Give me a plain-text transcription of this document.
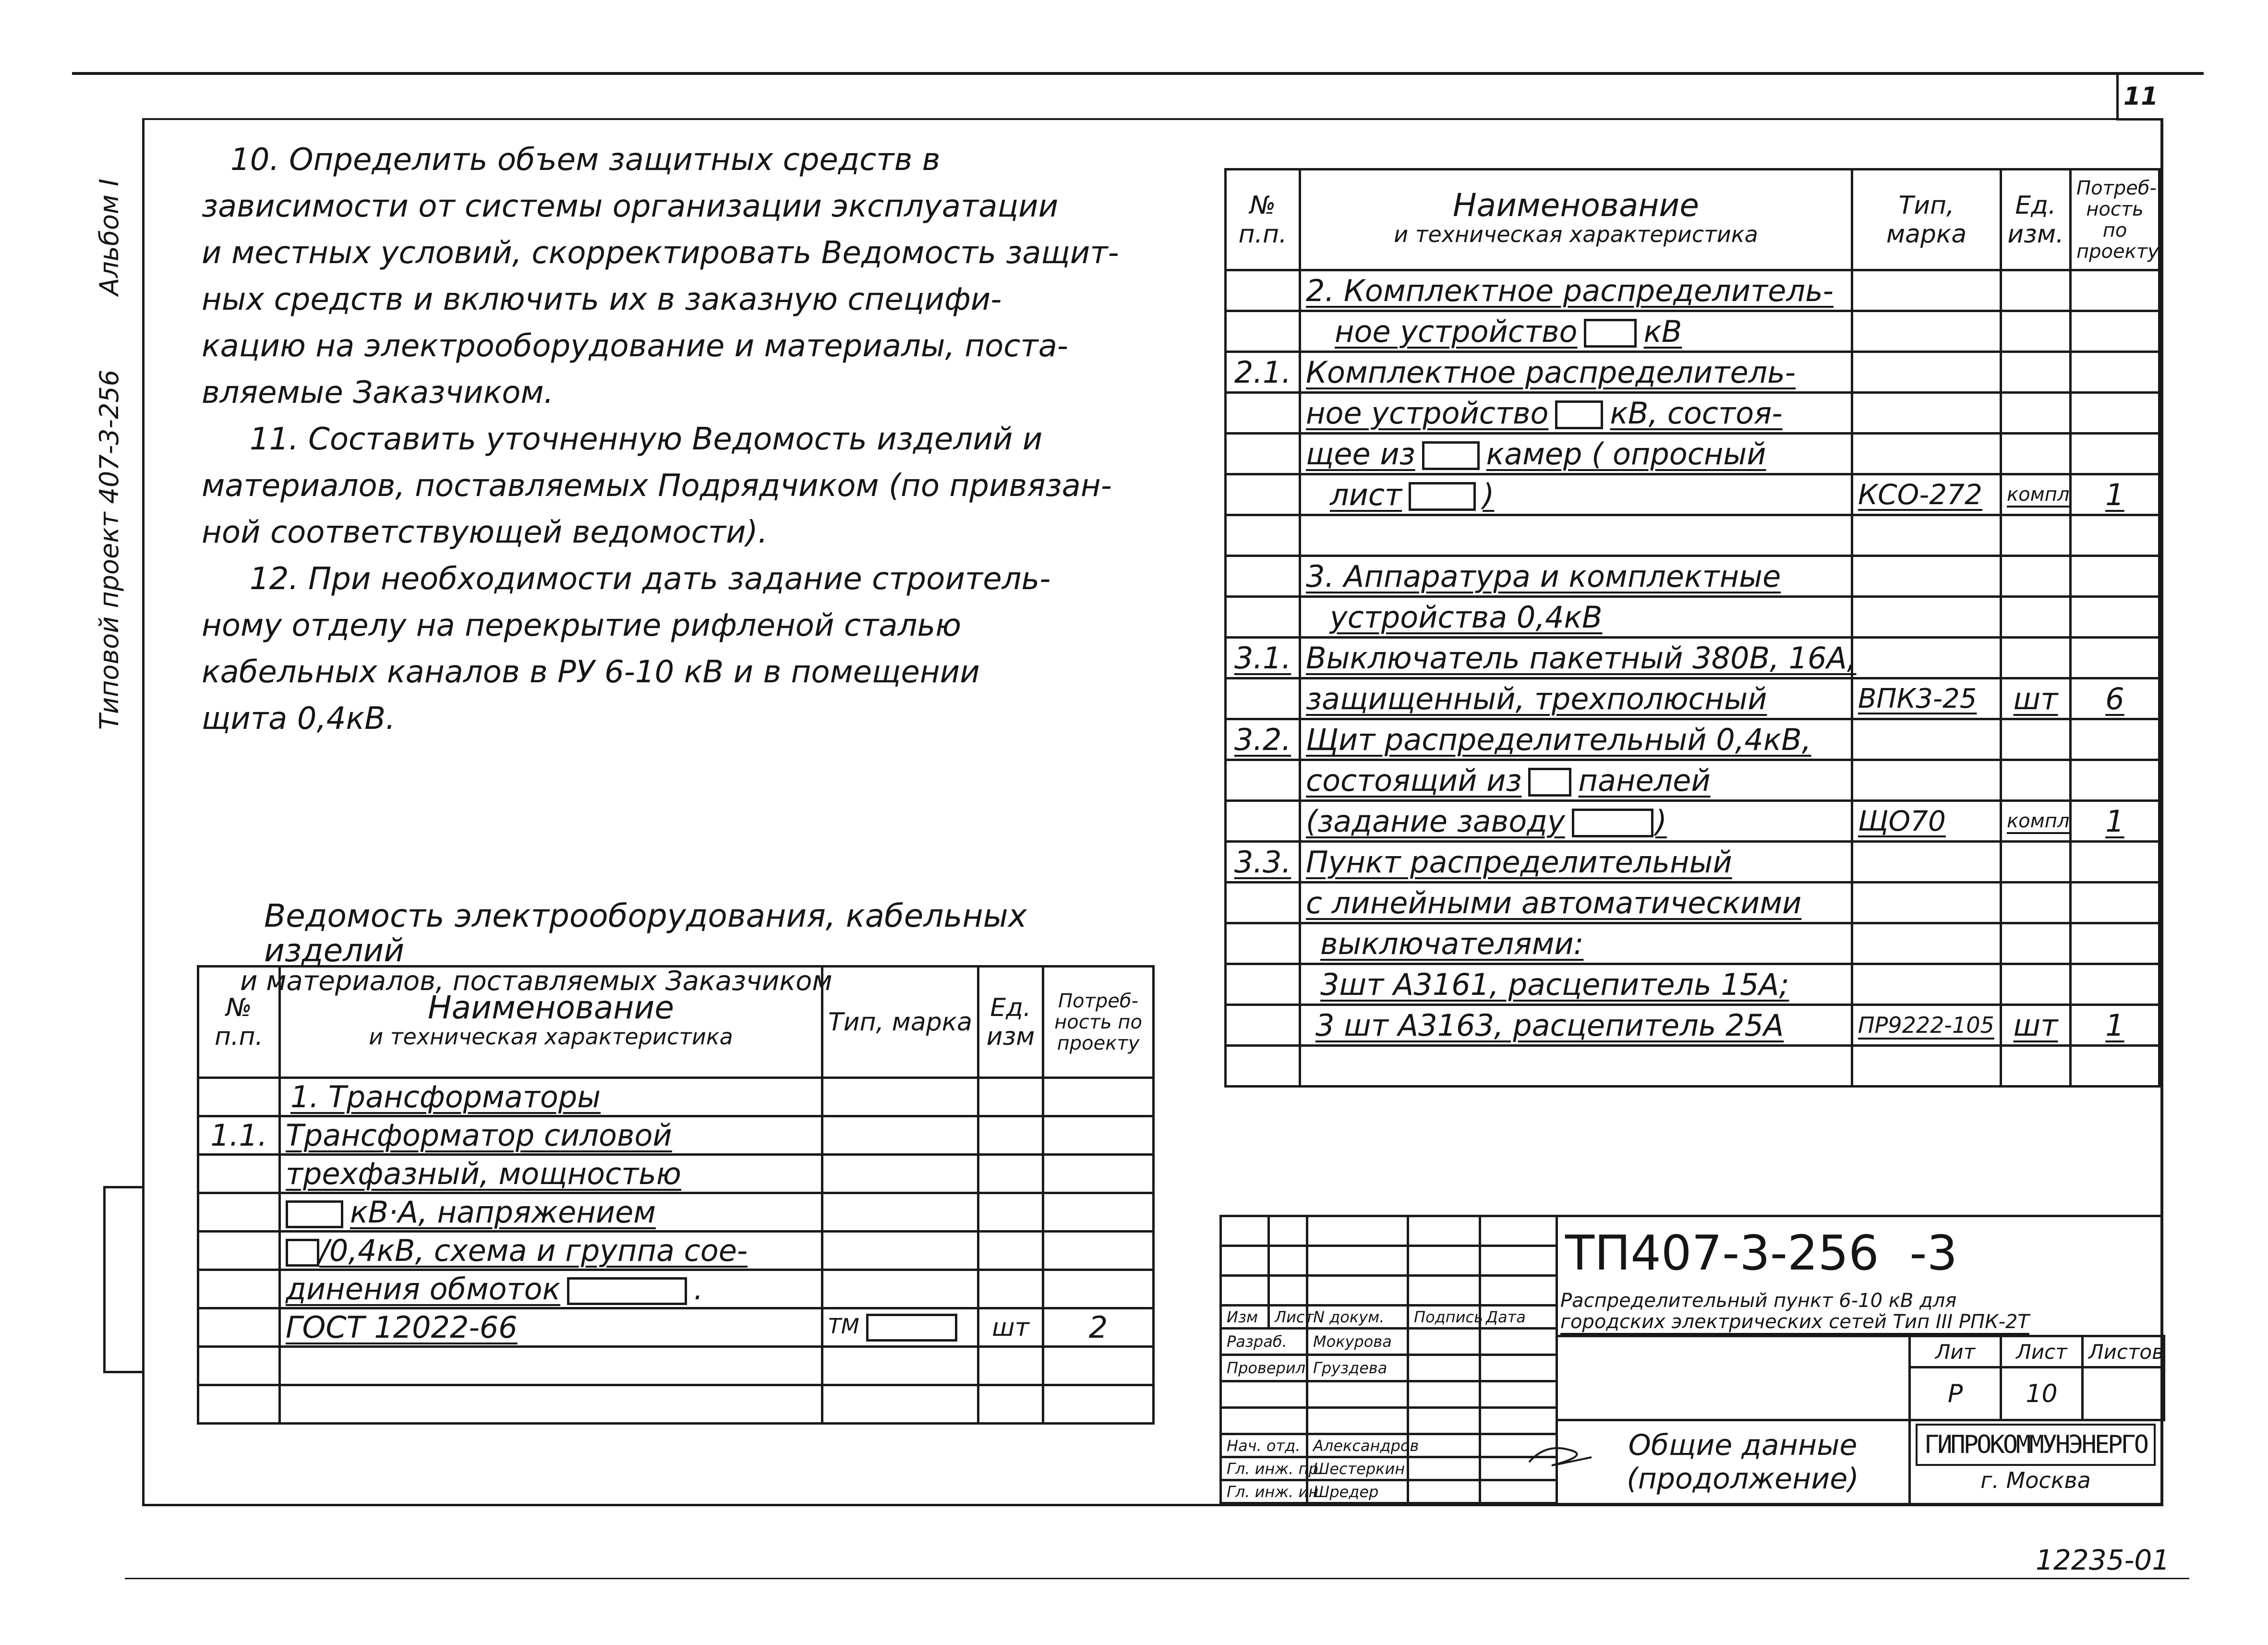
11
Типовой проект 407-3-256  Альбом I
10. Определить объем защитных средств в
зависимости от системы организации эксплуатации
и местных условий, скорректировать Ведомость защит-
ных средств и включить их в заказную специфи-
кацию на электрооборудование и материалы, поста-
вляемые Заказчиком.
11. Составить уточненную Ведомость изделий и
материалов, поставляемых Подрядчиком (по привязан-
ной соответствующей ведомости).
12. При необходимости дать задание строитель-
ному отделу на перекрытие рифленой сталью
кабельных каналов в РУ 6-10 кВ и в помещении
щита 0,4кВ.
Ведомость электрооборудования, кабельных изделий
и материалов, поставляемых Заказчиком
№ п.п.	Наименование
и техническая характеристика	Тип, марка	Ед. изм	Потреб- ность по проекту
	1. Трансформаторы			
1.1.	Трансформатор силовой			
	трехфазный, мощностью			
	кВ·А, напряжением			
	/0,4кВ, схема и группа сое-			
	динения обмоток .			
	ГОСТ 12022-66	ТМ	шт	2

№ п.п.	Наименование
и техническая характеристика	Тип, марка	Ед. изм.	Потреб- ность по проекту
	2. Комплектное распределитель-			
	ное устройство кВ			
2.1.	Комплектное распределитель-			
	ное устройство кВ, состоя-			
	щее из камер ( опросный			
	лист )	КСО-272	компл	1

	3. Аппаратура и комплектные			
	устройства 0,4кВ			
3.1.	Выключатель пакетный 380В, 16А,			
	защищенный, трехполюсный	ВПК3-25	шт	6
3.2.	Щит распределительный 0,4кВ,			
	состоящий из панелей			
	(задание заводу )	ЩО70	компл	1
3.3.	Пункт распределительный			
	с линейными автоматическими			
	выключателями:			
	3шт А3161, расцепитель 15А;			
	3 шт А3163, расцепитель 25А	ПР9222-105	шт	1

Изм	Лист	N докум.	Подпись	Дата
Разраб.		Мокурова		
Проверил		Груздева		

Нач. отд.		Александров		
Гл. инж. пр.		Шестеркин		
Гл. инж. ин.		Шредер		
ТП407-3-256 -3
Распределительный пункт 6-10 кВ для
городских электрических сетей Тип III РПК-2Т
Лит	Лист	Листов
Р	10	
Общие данные
(продолжение)
ГИПРОКОММУНЭНЕРГО
г. Москва
12235-01
